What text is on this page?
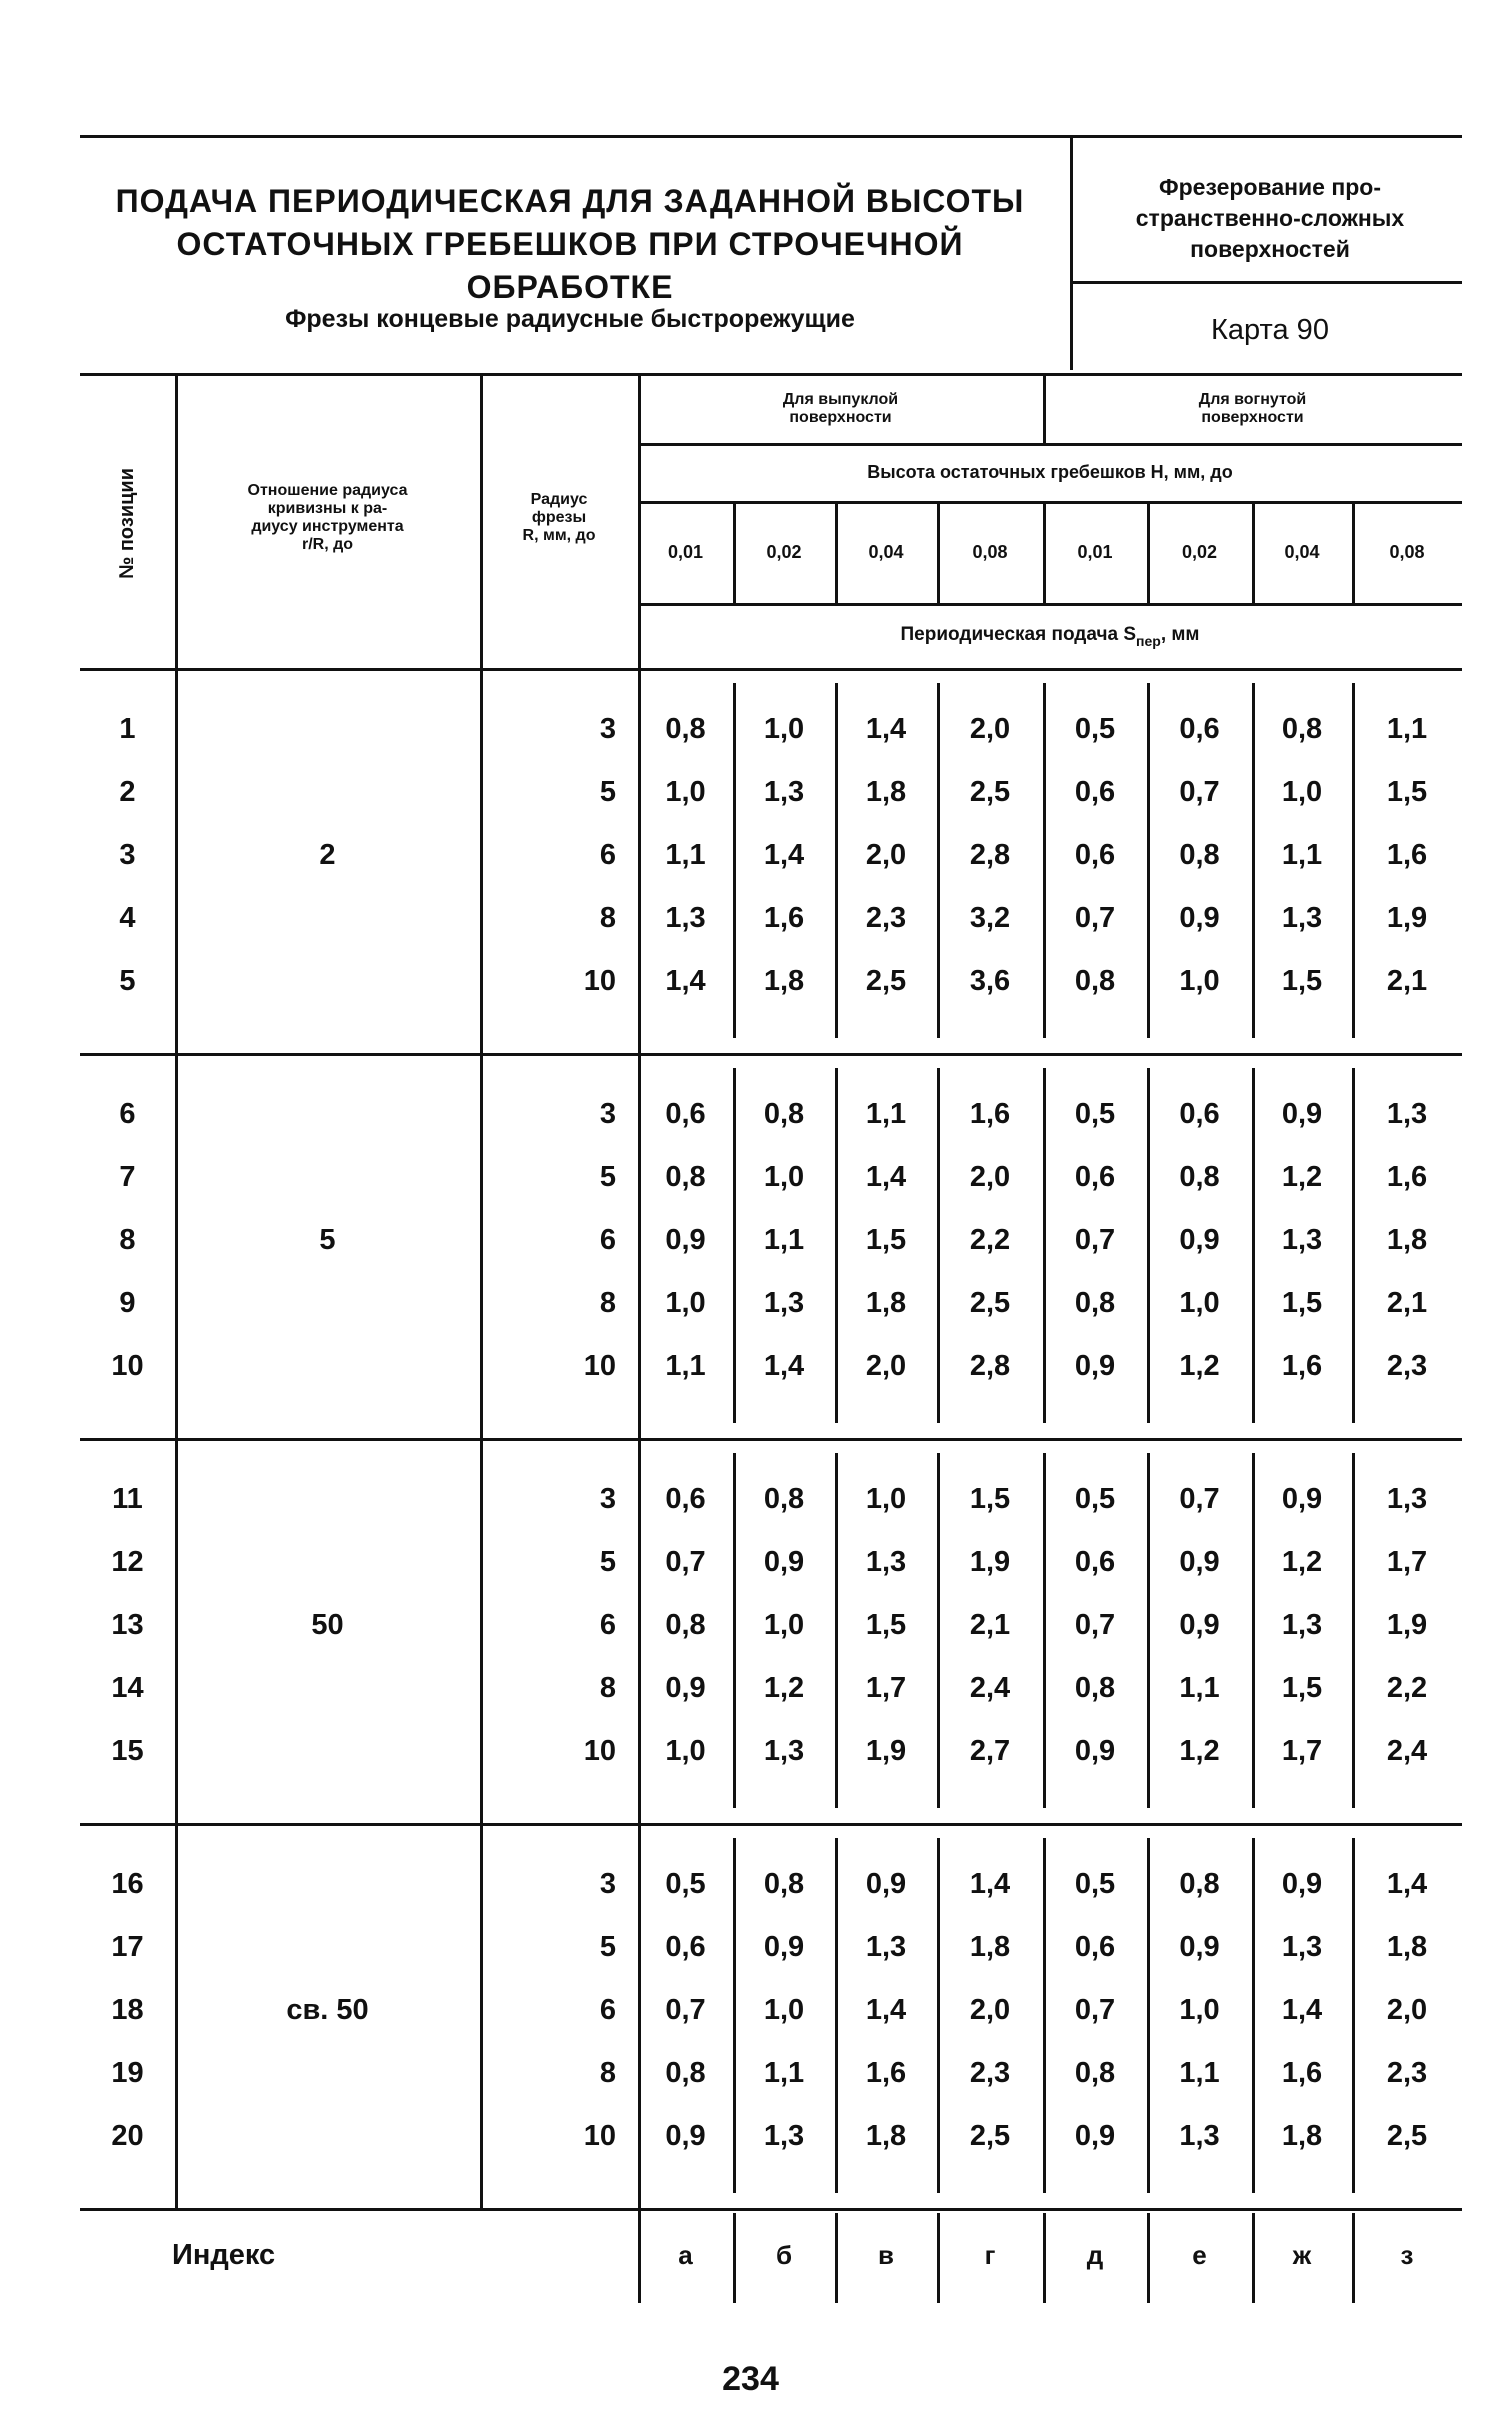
ПОДАЧА ПЕРИОДИЧЕСКАЯ ДЛЯ ЗАДАННОЙ ВЫСОТЫ
ОСТАТОЧНЫХ ГРЕБЕШКОВ ПРИ СТРОЧЕЧНОЙ
ОБРАБОТКЕ
Фрезы концевые радиусные быстрорежущие
Фрезерование про-
странственно-сложных
поверхностей
Карта 90
№ позиции	Отношение радиуса
кривизны к ра-
диусу инструмента
r/R, до
Радиус
фрезы
R, мм, до
Для выпуклой
поверхности
Для вогнутой
поверхности
Высота остаточных гребешков H, мм, до
0,01	0,02	0,04	0,08	0,01	0,02	0,04	0,08
Периодическая подача S пер , мм
2
1	3	0,8	1,0	1,4	2,0	0,5	0,6	0,8	1,1
2	5	1,0	1,3	1,8	2,5	0,6	0,7	1,0	1,5
3	6	1,1	1,4	2,0	2,8	0,6	0,8	1,1	1,6
4	8	1,3	1,6	2,3	3,2	0,7	0,9	1,3	1,9
5	10	1,4	1,8	2,5	3,6	0,8	1,0	1,5	2,1
5
6	3	0,6	0,8	1,1	1,6	0,5	0,6	0,9	1,3
7	5	0,8	1,0	1,4	2,0	0,6	0,8	1,2	1,6
8	6	0,9	1,1	1,5	2,2	0,7	0,9	1,3	1,8
9	8	1,0	1,3	1,8	2,5	0,8	1,0	1,5	2,1
10	10	1,1	1,4	2,0	2,8	0,9	1,2	1,6	2,3
50
11	3	0,6	0,8	1,0	1,5	0,5	0,7	0,9	1,3
12	5	0,7	0,9	1,3	1,9	0,6	0,9	1,2	1,7
13	6	0,8	1,0	1,5	2,1	0,7	0,9	1,3	1,9
14	8	0,9	1,2	1,7	2,4	0,8	1,1	1,5	2,2
15	10	1,0	1,3	1,9	2,7	0,9	1,2	1,7	2,4
св. 50
16	3	0,5	0,8	0,9	1,4	0,5	0,8	0,9	1,4
17	5	0,6	0,9	1,3	1,8	0,6	0,9	1,3	1,8
18	6	0,7	1,0	1,4	2,0	0,7	1,0	1,4	2,0
19	8	0,8	1,1	1,6	2,3	0,8	1,1	1,6	2,3
20	10	0,9	1,3	1,8	2,5	0,9	1,3	1,8	2,5
Индекс	а	б	в	г	д	е	ж	з
234
